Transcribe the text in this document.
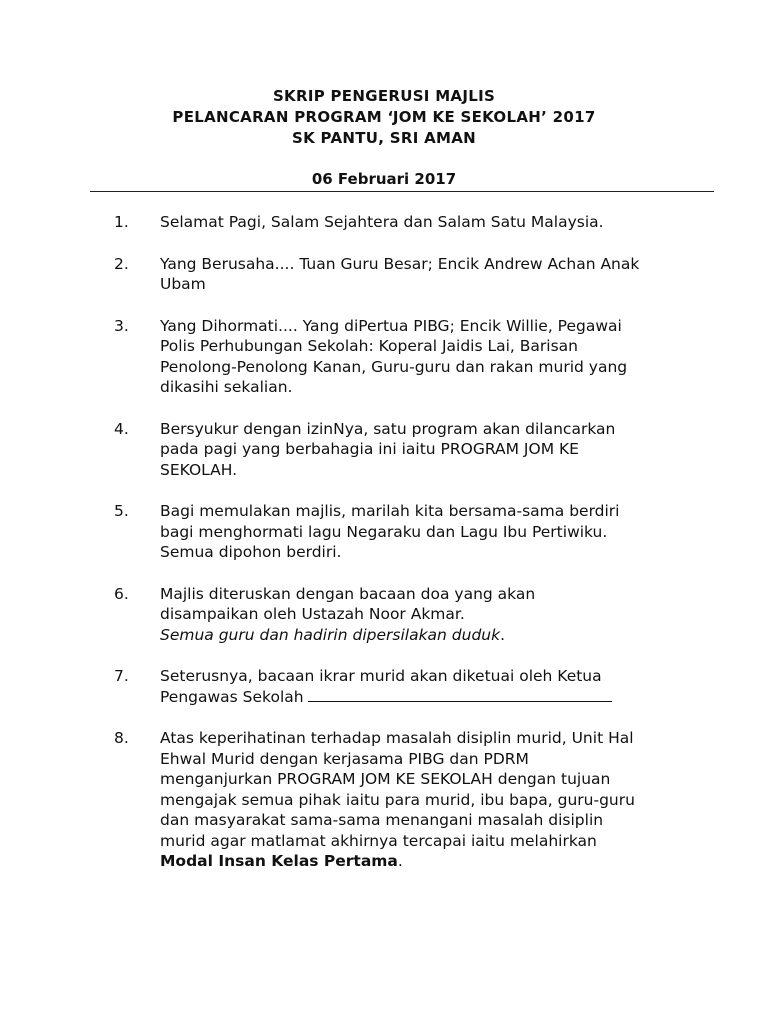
SKRIP PENGERUSI MAJLIS
PELANCARAN PROGRAM ‘JOM KE SEKOLAH’ 2017
SK PANTU, SRI AMAN
06 Februari 2017
1.	Selamat Pagi, Salam Sejahtera dan Salam Satu Malaysia.
2.	Yang Berusaha.... Tuan Guru Besar; Encik Andrew Achan Anak
Ubam
3.	Yang Dihormati.... Yang diPertua PIBG; Encik Willie, Pegawai
Polis Perhubungan Sekolah: Koperal Jaidis Lai, Barisan
Penolong-Penolong Kanan, Guru-guru dan rakan murid yang
dikasihi sekalian.
4.	Bersyukur dengan izinNya, satu program akan dilancarkan
pada pagi yang berbahagia ini iaitu PROGRAM JOM KE
SEKOLAH.
5.	Bagi memulakan majlis, marilah kita bersama-sama berdiri
bagi menghormati lagu Negaraku dan Lagu Ibu Pertiwiku.
Semua dipohon berdiri.
6.	Majlis diteruskan dengan bacaan doa yang akan
disampaikan oleh Ustazah Noor Akmar.
Semua guru dan hadirin dipersilakan duduk.
7.	Seterusnya, bacaan ikrar murid akan diketuai oleh Ketua
Pengawas Sekolah
8.	Atas keperihatinan terhadap masalah disiplin murid, Unit Hal
Ehwal Murid dengan kerjasama PIBG dan PDRM
menganjurkan PROGRAM JOM KE SEKOLAH dengan tujuan
mengajak semua pihak iaitu para murid, ibu bapa, guru-guru
dan masyarakat sama-sama menangani masalah disiplin
murid agar matlamat akhirnya tercapai iaitu melahirkan
Modal Insan Kelas Pertama.
